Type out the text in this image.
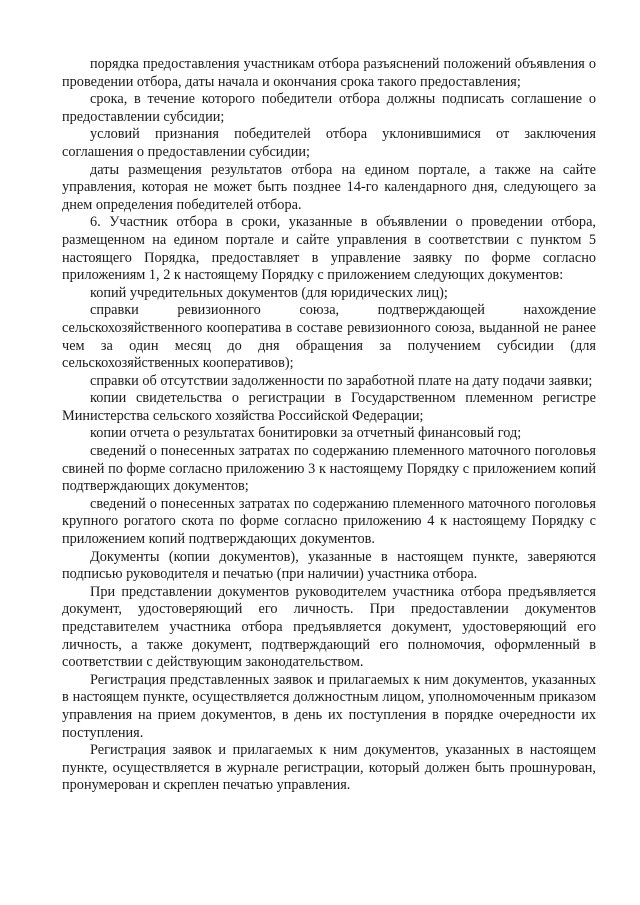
порядка предоставления участникам отбора разъяснений положений объявления о проведении отбора, даты начала и окончания срока такого предоставления;

срока, в течение которого победители отбора должны подписать соглашение о предоставлении субсидии;

условий признания победителей отбора уклонившимися от заключения соглашения о предоставлении субсидии;

даты размещения результатов отбора на едином портале, а также на сайте управления, которая не может быть позднее 14-го календарного дня, следующего за днем определения победителей отбора.

6. Участник отбора в сроки, указанные в объявлении о проведении отбора, размещенном на едином портале и сайте управления в соответствии с пунктом 5 настоящего Порядка, предоставляет в управление заявку по форме согласно приложениям 1, 2 к настоящему Порядку с приложением следующих документов:

копий учредительных документов (для юридических лиц);

справки ревизионного союза, подтверждающей нахождение сельскохозяйственного кооператива в составе ревизионного союза, выданной не ранее чем за один месяц до дня обращения за получением субсидии (для сельскохозяйственных кооперативов);

справки об отсутствии задолженности по заработной плате на дату подачи заявки;

копии свидетельства о регистрации в Государственном племенном регистре Министерства сельского хозяйства Российской Федерации;

копии отчета о результатах бонитировки за отчетный финансовый год;

сведений о понесенных затратах по содержанию племенного маточного поголовья свиней по форме согласно приложению 3 к настоящему Порядку с приложением копий подтверждающих документов;

сведений о понесенных затратах по содержанию племенного маточного поголовья крупного рогатого скота по форме согласно приложению 4 к настоящему Порядку с приложением копий подтверждающих документов.

Документы (копии документов), указанные в настоящем пункте, заверяются подписью руководителя и печатью (при наличии) участника отбора.

При представлении документов руководителем участника отбора предъявляется документ, удостоверяющий его личность. При предоставлении документов представителем участника отбора предъявляется документ, удостоверяющий его личность, а также документ, подтверждающий его полномочия, оформленный в соответствии с действующим законодательством.

Регистрация представленных заявок и прилагаемых к ним документов, указанных в настоящем пункте, осуществляется должностным лицом, уполномоченным приказом управления на прием документов, в день их поступления в порядке очередности их поступления.

Регистрация заявок и прилагаемых к ним документов, указанных в настоящем пункте, осуществляется в журнале регистрации, который должен быть прошнурован, пронумерован и скреплен печатью управления.
